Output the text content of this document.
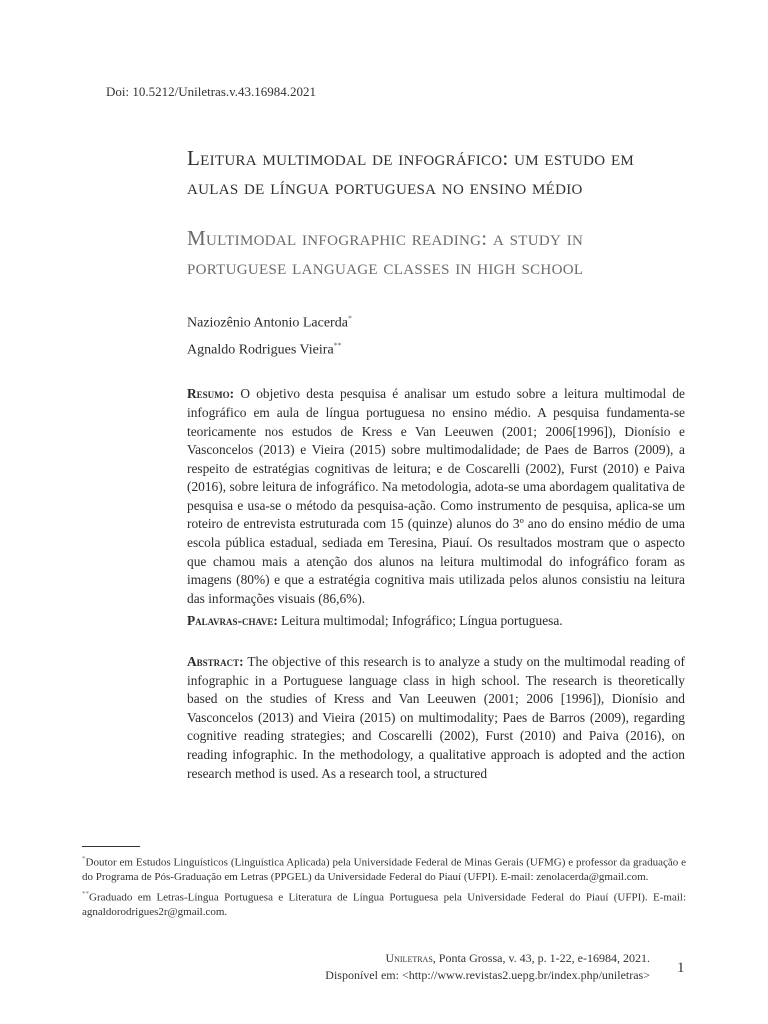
Doi: 10.5212/Uniletras.v.43.16984.2021
Leitura multimodal de infográfico: um estudo em aulas de língua portuguesa no ensino médio
Multimodal infographic reading: a study in portuguese language classes in high school
Naziozênio Antonio Lacerda*
Agnaldo Rodrigues Vieira**

Resumo: O objetivo desta pesquisa é analisar um estudo sobre a leitura multimodal de infográfico em aula de língua portuguesa no ensino médio. A pesquisa fundamenta-se teoricamente nos estudos de Kress e Van Leeuwen (2001; 2006[1996]), Dionísio e Vasconcelos (2013) e Vieira (2015) sobre multimodalidade; de Paes de Barros (2009), a respeito de estratégias cognitivas de leitura; e de Coscarelli (2002), Furst (2010) e Paiva (2016), sobre leitura de infográfico. Na metodologia, adota-se uma abordagem qualitativa de pesquisa e usa-se o método da pesquisa-ação. Como instrumento de pesquisa, aplica-se um roteiro de entrevista estruturada com 15 (quinze) alunos do 3º ano do ensino médio de uma escola pública estadual, sediada em Teresina, Piauí. Os resultados mostram que o aspecto que chamou mais a atenção dos alunos na leitura multimodal do infográfico foram as imagens (80%) e que a estratégia cognitiva mais utilizada pelos alunos consistiu na leitura das informações visuais (86,6%).

Palavras-chave: Leitura multimodal; Infográfico; Língua portuguesa.

Abstract: The objective of this research is to analyze a study on the multimodal reading of infographic in a Portuguese language class in high school. The research is theoretically based on the studies of Kress and Van Leeuwen (2001; 2006 [1996]), Dionísio and Vasconcelos (2013) and Vieira (2015) on multimodality; Paes de Barros (2009), regarding cognitive reading strategies; and Coscarelli (2002), Furst (2010) and Paiva (2016), on reading infographic. In the methodology, a qualitative approach is adopted and the action research method is used. As a research tool, a structured

*Doutor em Estudos Linguísticos (Linguística Aplicada) pela Universidade Federal de Minas Gerais (UFMG) e professor da graduação e do Programa de Pós-Graduação em Letras (PPGEL) da Universidade Federal do Piauí (UFPI). E-mail: zenolacerda@gmail.com.

**Graduado em Letras-Língua Portuguesa e Literatura de Língua Portuguesa pela Universidade Federal do Piauí (UFPI). E-mail: agnaldorodrigues2r@gmail.com.

Uniletras, Ponta Grossa, v. 43, p. 1-22, e-16984, 2021.
Disponível em: <http://www.revistas2.uepg.br/index.php/uniletras> 1
